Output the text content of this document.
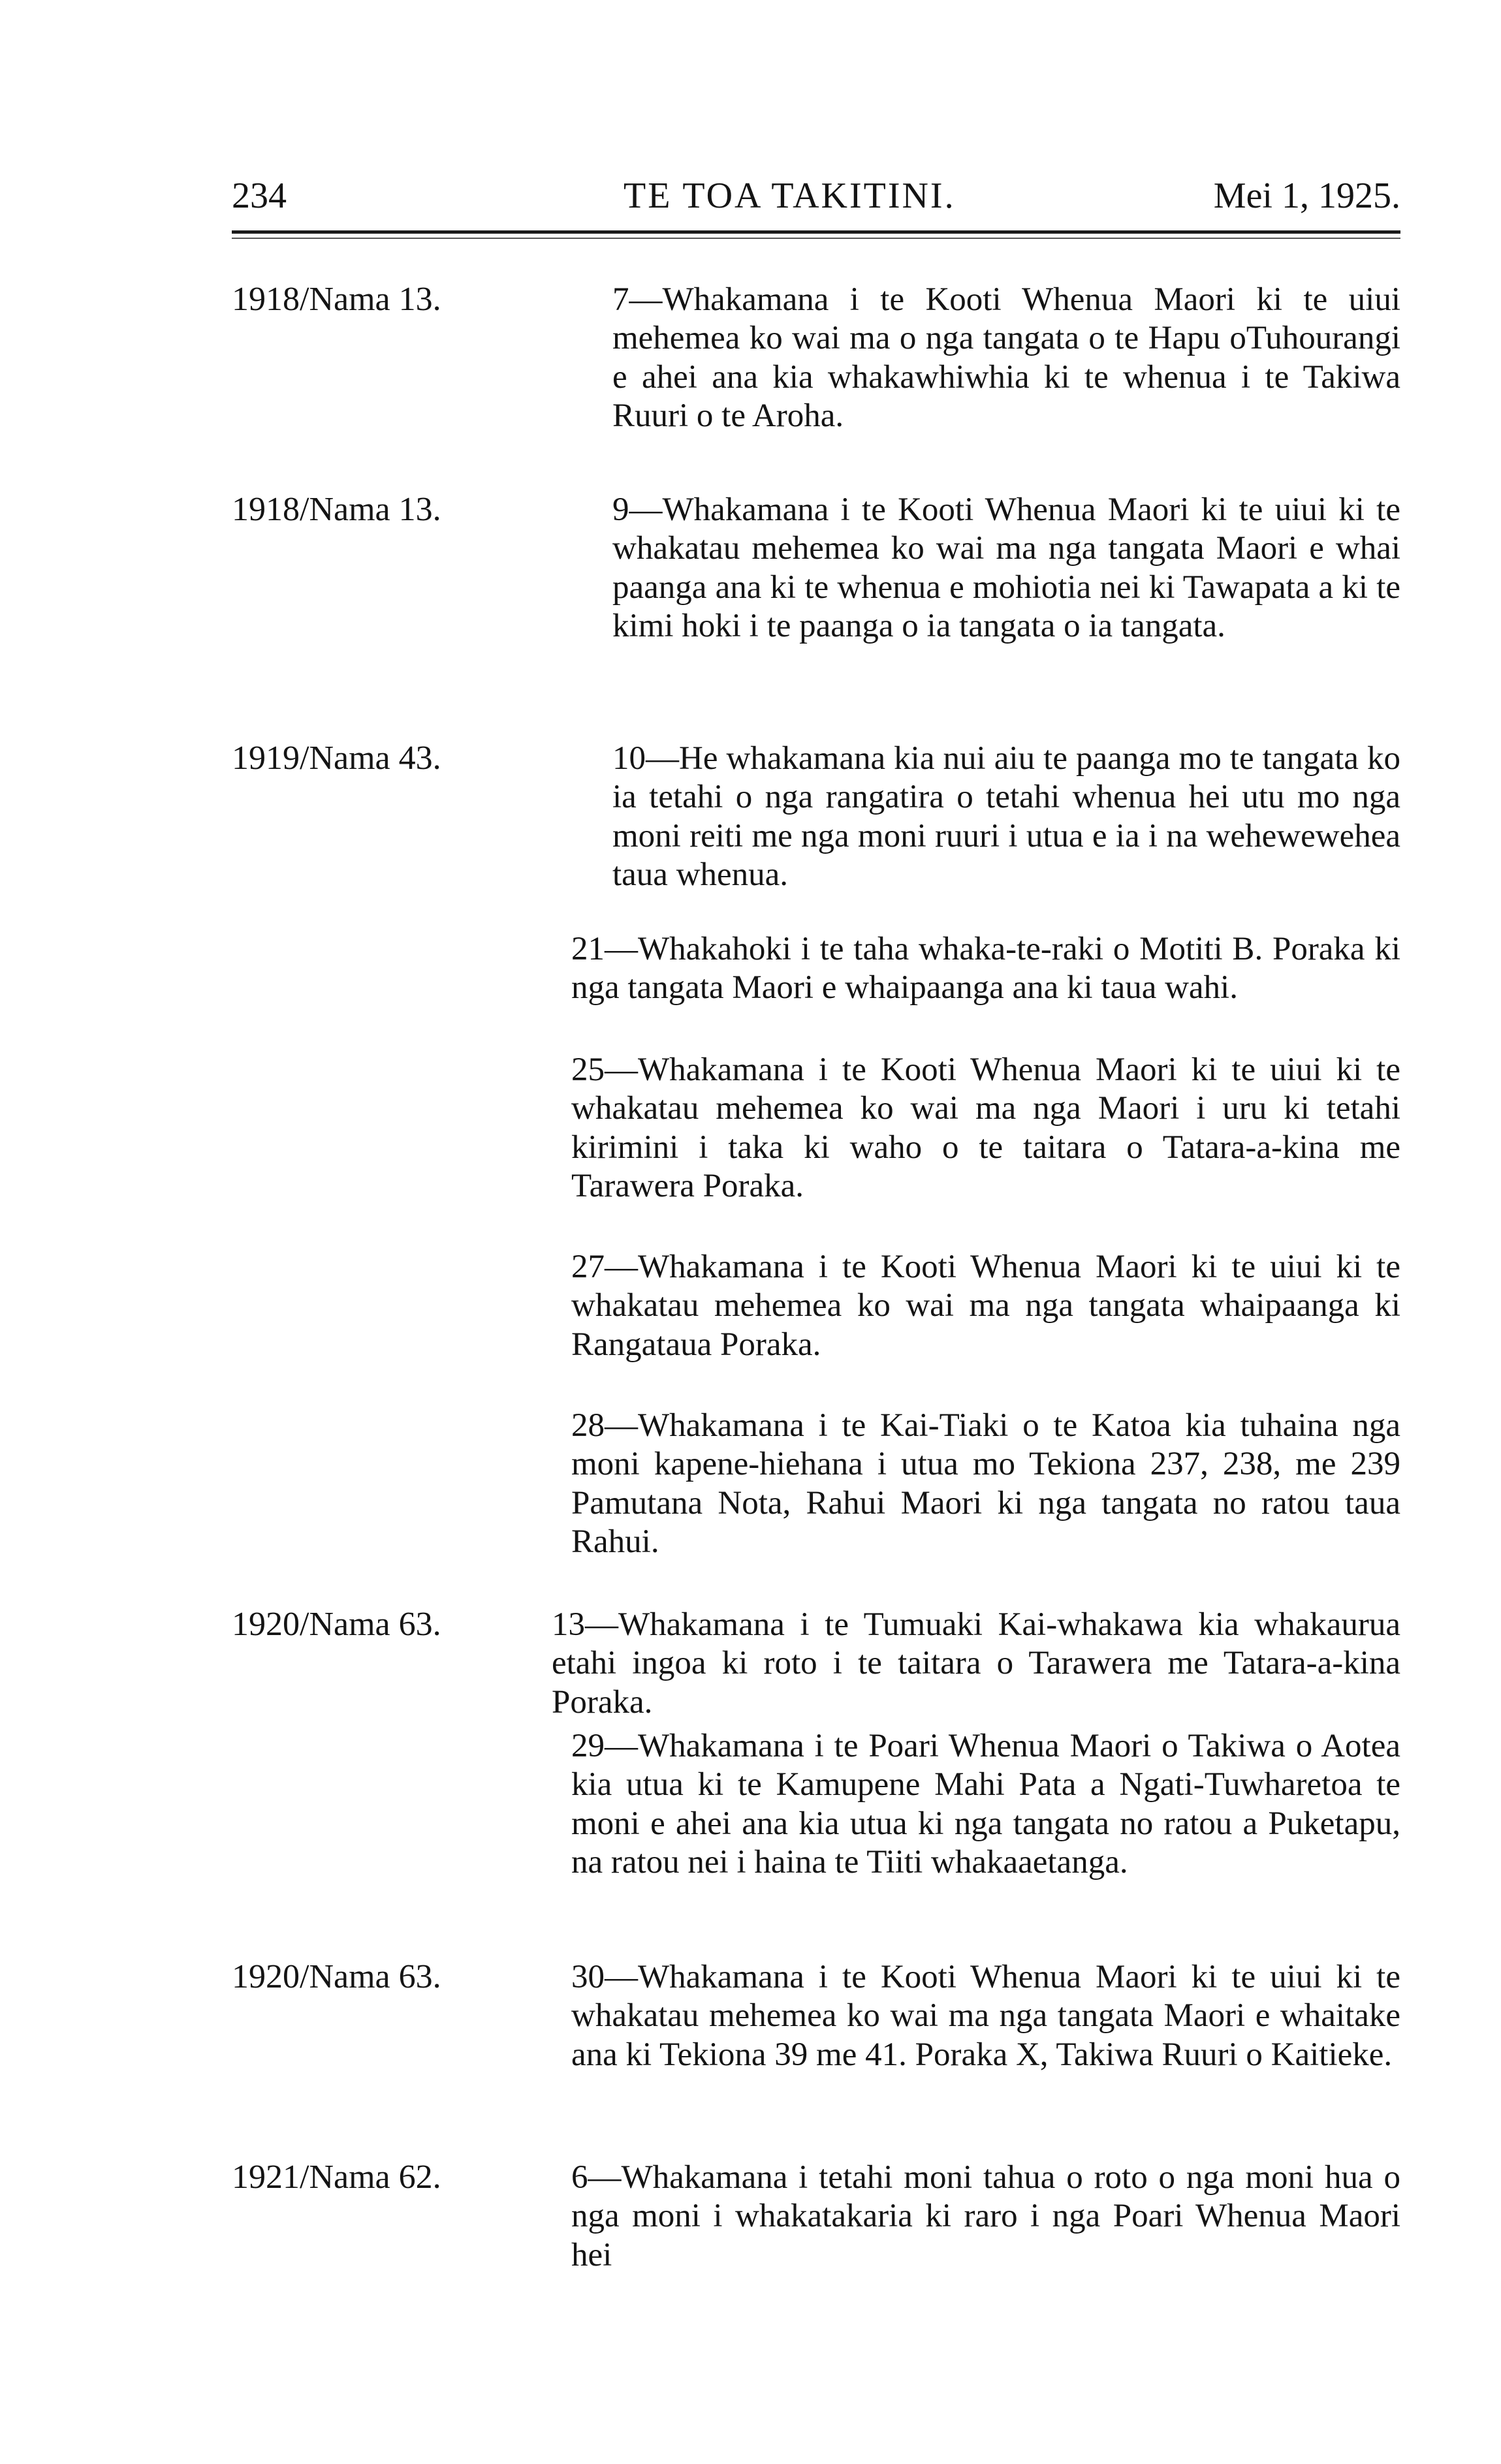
234	TE TOA TAKITINI.	Mei 1, 1925.
1918/Nama 13.	7—Whakamana i te Kooti Whenua Maori ki te uiui mehemea ko wai ma o nga tangata o te Hapu oTuhourangi e ahei ana kia whakawhiwhia ki te whenua i te Takiwa Ruuri o te Aroha.
1918/Nama 13.	9—Whakamana i te Kooti Whenua Maori ki te uiui ki te whakatau mehemea ko wai ma nga tangata Maori e whai paanga ana ki te whenua e mohiotia nei ki Tawapata a ki te kimi hoki i te paanga o ia tangata o ia tangata.
1919/Nama 43.	10—He whakamana kia nui aiu te paanga mo te tangata ko ia tetahi o nga rangatira o tetahi whenua hei utu mo nga moni reiti me nga moni ruuri i utua e ia i na wehewewehea taua whenua.
21—Whakahoki i te taha whaka-te-raki o Motiti B. Poraka ki nga tangata Maori e whaipaanga ana ki taua wahi.
25—Whakamana i te Kooti Whenua Maori ki te uiui ki te whakatau mehemea ko wai ma nga Maori i uru ki tetahi kirimini i taka ki waho o te taitara o Tatara-a-kina me Tarawera Poraka.
27—Whakamana i te Kooti Whenua Maori ki te uiui ki te whakatau mehemea ko wai ma nga tangata whaipaanga ki Rangataua Poraka.
28—Whakamana i te Kai-Tiaki o te Katoa kia tuhaina nga moni kapene-hiehana i utua mo Tekiona 237, 238, me 239 Pamutana Nota, Rahui Maori ki nga tangata no ratou taua Rahui.
1920/Nama 63.	13—Whakamana i te Tumuaki Kai-whakawa kia whakaurua etahi ingoa ki roto i te taitara o Tarawera me Tatara-a-kina Poraka.
29—Whakamana i te Poari Whenua Maori o Takiwa o Aotea kia utua ki te Kamupene Mahi Pata a Ngati-Tuwharetoa te moni e ahei ana kia utua ki nga tangata no ratou a Puketapu, na ratou nei i haina te Tiiti whakaaetanga.
1920/Nama 63.	30—Whakamana i te Kooti Whenua Maori ki te uiui ki te whakatau mehemea ko wai ma nga tangata Maori e whaitake ana ki Tekiona 39 me 41. Poraka X, Takiwa Ruuri o Kaitieke.
1921/Nama 62.	6—Whakamana i tetahi moni tahua o roto o nga moni hua o nga moni i whakatakaria ki raro i nga Poari Whenua Maori hei
